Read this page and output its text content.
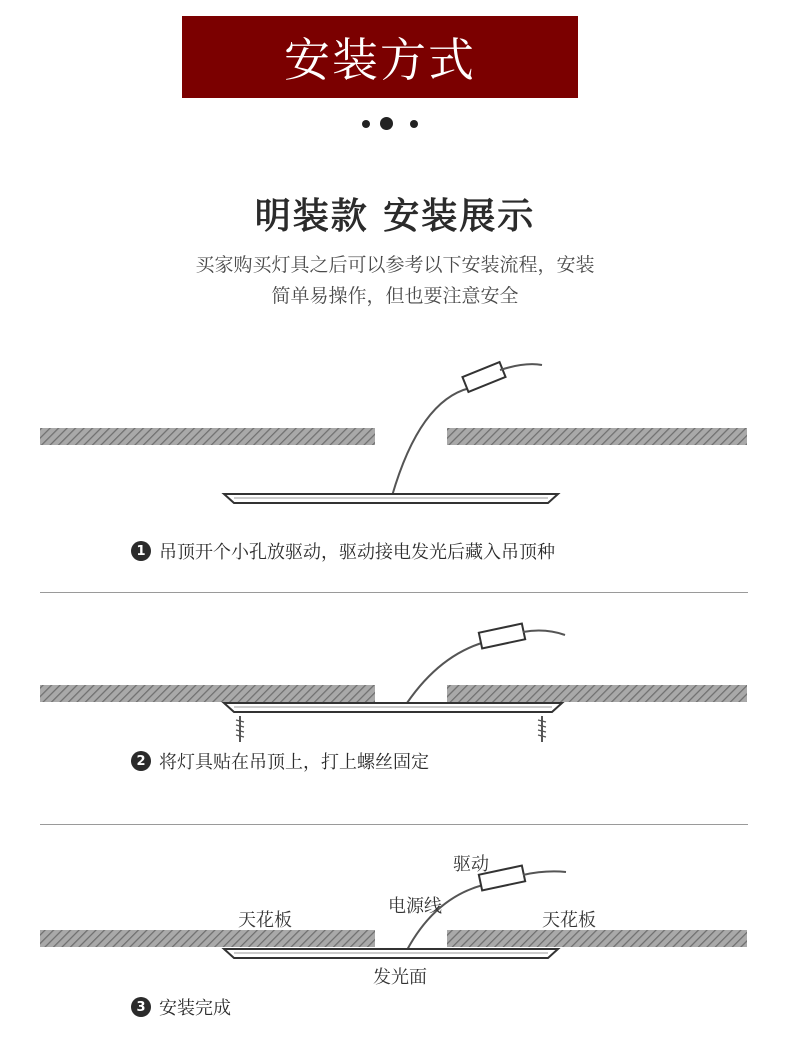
安装方式
明装款 安装展示
买家购买灯具之后可以参考以下安装流程，安装
简单易操作，但也要注意安全
1 吊顶开个小孔放驱动，驱动接电发光后藏入吊顶种
2 将灯具贴在吊顶上，打上螺丝固定
驱动
电源线
天花板	天花板
发光面
3 安装完成
